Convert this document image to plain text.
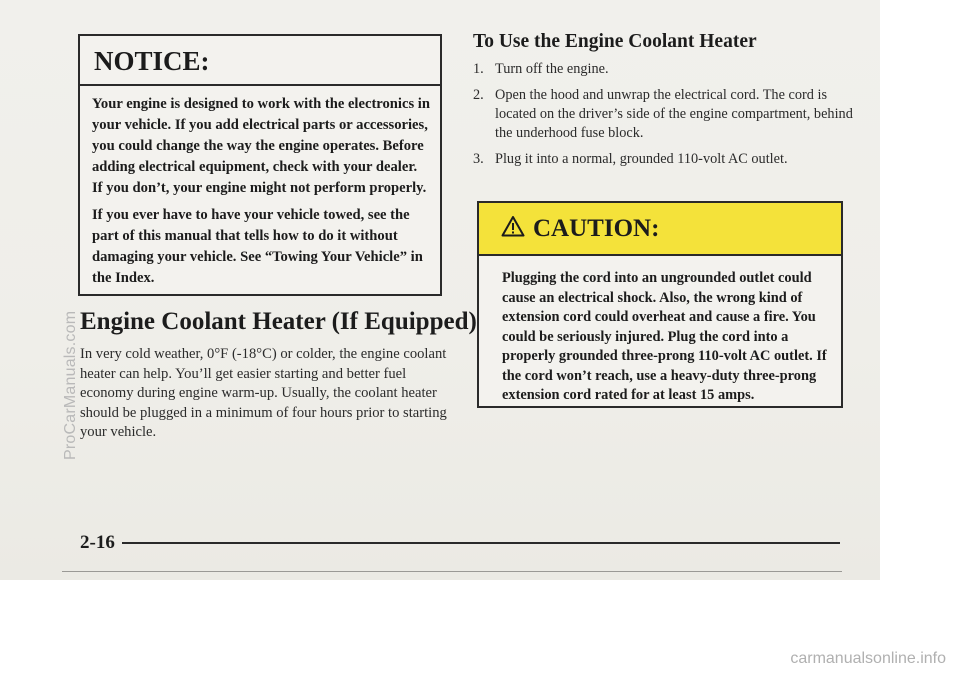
NOTICE:

Your engine is designed to work with the electronics in your vehicle. If you add electrical parts or accessories, you could change the way the engine operates. Before adding electrical equipment, check with your dealer. If you don’t, your engine might not perform properly.

If you ever have to have your vehicle towed, see the part of this manual that tells how to do it without damaging your vehicle. See “Towing Your Vehicle” in the Index.

Engine Coolant Heater (If Equipped)

In very cold weather, 0°F (-18°C) or colder, the engine coolant heater can help. You’ll get easier starting and better fuel economy during engine warm-up. Usually, the coolant heater should be plugged in a minimum of four hours prior to starting your vehicle.

To Use the Engine Coolant Heater
1. Turn off the engine.
2. Open the hood and unwrap the electrical cord. The cord is located on the driver’s side of the engine compartment, behind the underhood fuse block.
3. Plug it into a normal, grounded 110-volt AC outlet.
CAUTION:

Plugging the cord into an ungrounded outlet could cause an electrical shock. Also, the wrong kind of extension cord could overheat and cause a fire. You could be seriously injured. Plug the cord into a properly grounded three-prong 110-volt AC outlet. If the cord won’t reach, use a heavy-duty three-prong extension cord rated for at least 15 amps.

2-16

ProCarManuals.com
carmanualsonline.info
